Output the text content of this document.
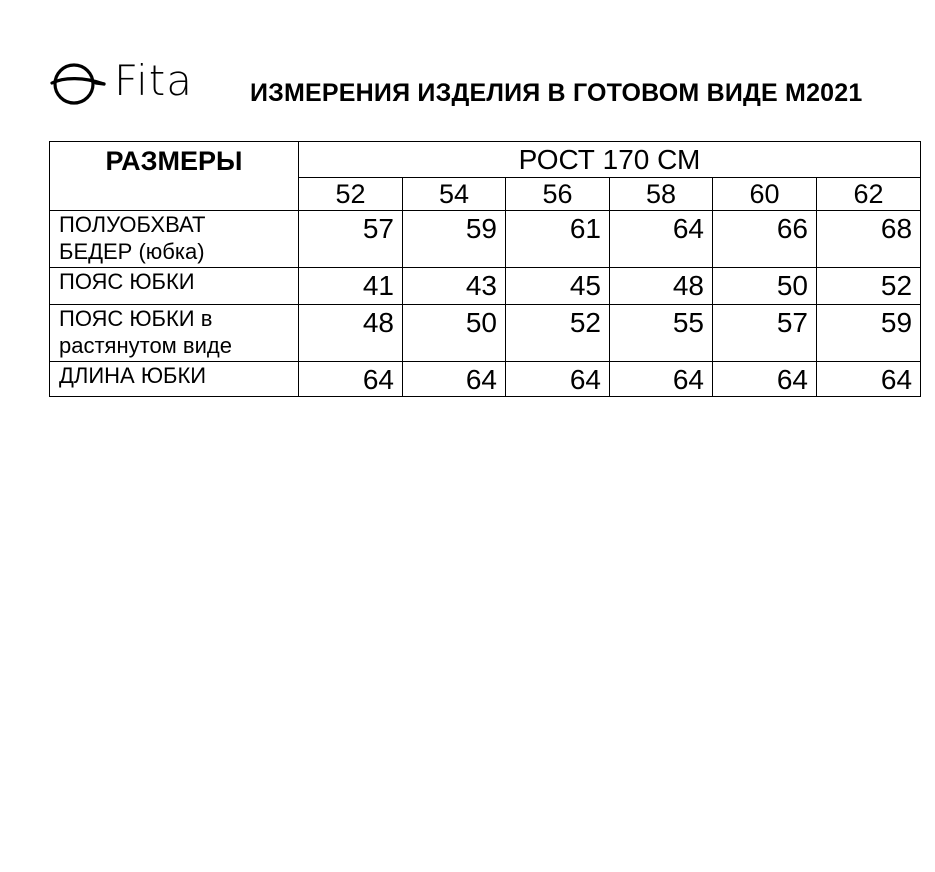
Fita ИЗМЕРЕНИЯ ИЗДЕЛИЯ В ГОТОВОМ ВИДЕ М2021
РАЗМЕРЫ	РОСТ 170 СМ					
	52	54	56	58	60	62

ПОЛУОБХВАТ
БЕДЕР (юбка)	57	59	61	64	66	68

ПОЯС ЮБКИ	41	43	45	48	50	52

ПОЯС ЮБКИ в
растянутом виде	48	50	52	55	57	59

ДЛИНА ЮБКИ	64	64	64	64	64	64
